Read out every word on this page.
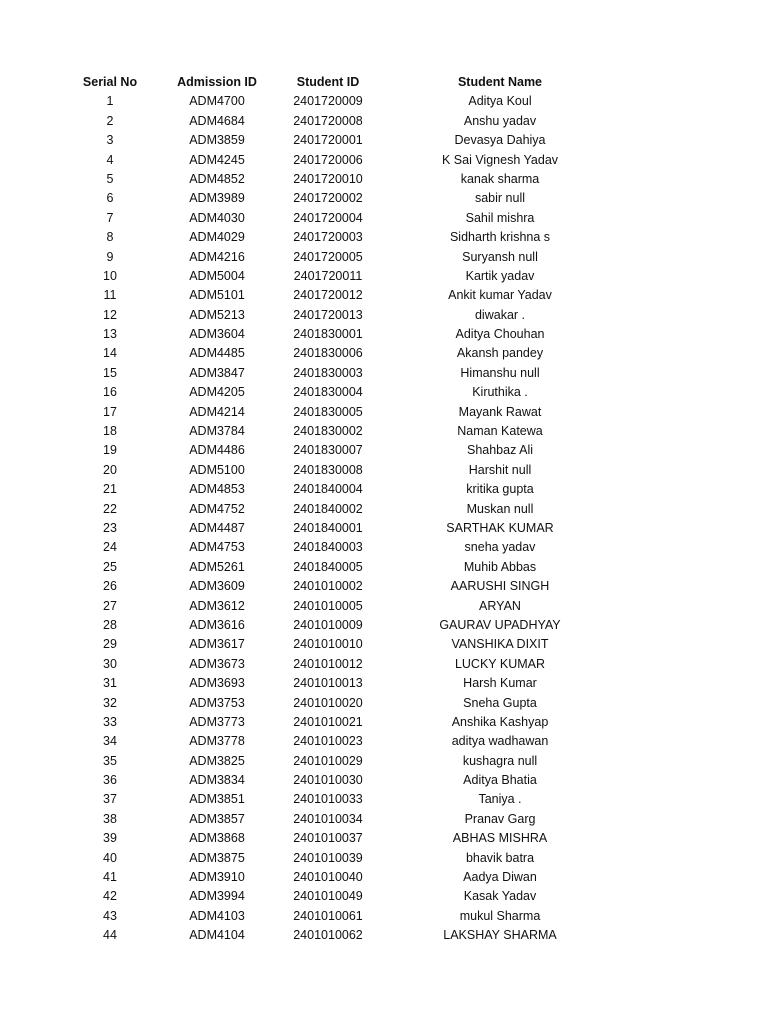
Serial No	Admission ID	Student ID	Student Name
1	ADM4700	2401720009	Aditya Koul
2	ADM4684	2401720008	Anshu yadav
3	ADM3859	2401720001	Devasya Dahiya
4	ADM4245	2401720006	K Sai Vignesh Yadav
5	ADM4852	2401720010	kanak sharma
6	ADM3989	2401720002	sabir null
7	ADM4030	2401720004	Sahil mishra
8	ADM4029	2401720003	Sidharth krishna s
9	ADM4216	2401720005	Suryansh null
10	ADM5004	2401720011	Kartik yadav
11	ADM5101	2401720012	Ankit kumar Yadav
12	ADM5213	2401720013	diwakar .
13	ADM3604	2401830001	Aditya Chouhan
14	ADM4485	2401830006	Akansh pandey
15	ADM3847	2401830003	Himanshu null
16	ADM4205	2401830004	Kiruthika .
17	ADM4214	2401830005	Mayank Rawat
18	ADM3784	2401830002	Naman Katewa
19	ADM4486	2401830007	Shahbaz Ali
20	ADM5100	2401830008	Harshit null
21	ADM4853	2401840004	kritika gupta
22	ADM4752	2401840002	Muskan null
23	ADM4487	2401840001	SARTHAK KUMAR
24	ADM4753	2401840003	sneha yadav
25	ADM5261	2401840005	Muhib Abbas
26	ADM3609	2401010002	AARUSHI SINGH
27	ADM3612	2401010005	ARYAN
28	ADM3616	2401010009	GAURAV UPADHYAY
29	ADM3617	2401010010	VANSHIKA DIXIT
30	ADM3673	2401010012	LUCKY KUMAR
31	ADM3693	2401010013	Harsh Kumar
32	ADM3753	2401010020	Sneha Gupta
33	ADM3773	2401010021	Anshika Kashyap
34	ADM3778	2401010023	aditya wadhawan
35	ADM3825	2401010029	kushagra null
36	ADM3834	2401010030	Aditya Bhatia
37	ADM3851	2401010033	Taniya .
38	ADM3857	2401010034	Pranav Garg
39	ADM3868	2401010037	ABHAS MISHRA
40	ADM3875	2401010039	bhavik batra
41	ADM3910	2401010040	Aadya Diwan
42	ADM3994	2401010049	Kasak Yadav
43	ADM4103	2401010061	mukul Sharma
44	ADM4104	2401010062	LAKSHAY SHARMA
